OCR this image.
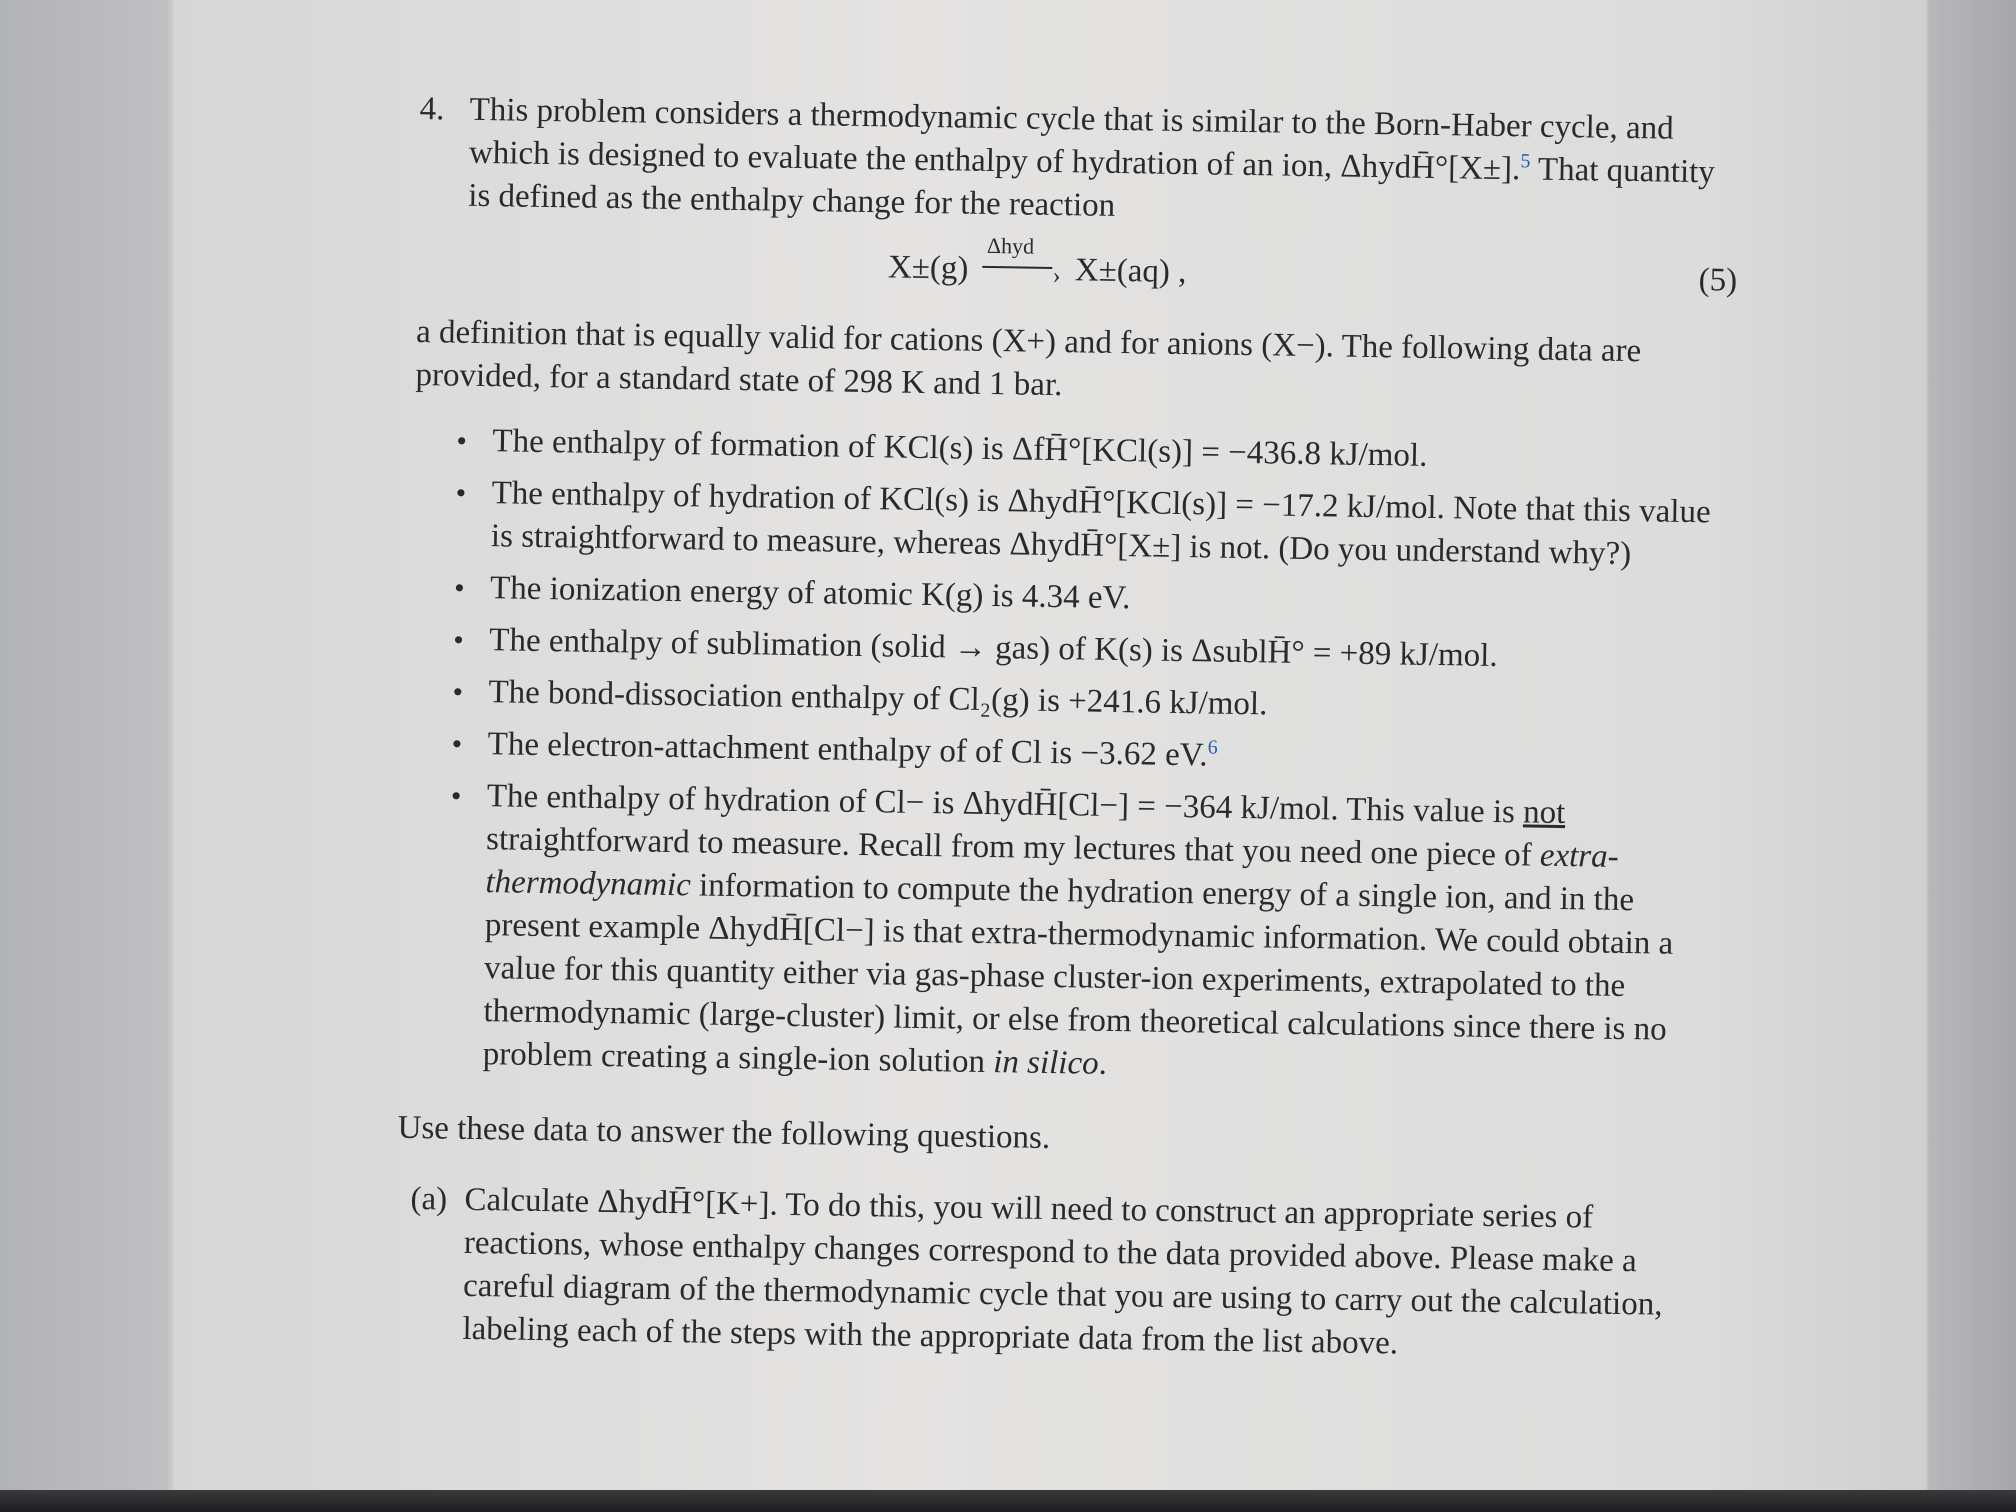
4. This problem considers a thermodynamic cycle that is similar to the Born-Haber cycle, and which is designed to evaluate the enthalpy of hydration of an ion, ΔhydH̄°[X±].$^5$ That quantity is defined as the enthalpy change for the reaction
X±(g)
Δhyd
› X±(aq) ,	(5)
a definition that is equally valid for cations (X+) and for anions (X−). The following data are provided, for a standard state of 298 K and 1 bar.
• The enthalpy of formation of KCl(s) is ΔfH̄°[KCl(s)] = −436.8 kJ/mol.
• The enthalpy of hydration of KCl(s) is ΔhydH̄°[KCl(s)] = −17.2 kJ/mol. Note that this value is straightforward to measure, whereas ΔhydH̄°[X±] is not. (Do you understand why?)
• The ionization energy of atomic K(g) is 4.34 eV.
• The enthalpy of sublimation (solid → gas) of K(s) is ΔsublH̄° = +89 kJ/mol.
• The bond-dissociation enthalpy of Cl₂(g) is +241.6 kJ/mol.
• The electron-attachment enthalpy of of Cl is −3.62 eV.$^6$
• The enthalpy of hydration of Cl− is ΔhydH̄[Cl−] = −364 kJ/mol. This value is not straightforward to measure. Recall from my lectures that you need one piece of extra-thermodynamic information to compute the hydration energy of a single ion, and in the present example ΔhydH̄[Cl−] is that extra-thermodynamic information. We could obtain a value for this quantity either via gas-phase cluster-ion experiments, extrapolated to the thermodynamic (large-cluster) limit, or else from theoretical calculations since there is no problem creating a single-ion solution in silico.
Use these data to answer the following questions.
(a) Calculate ΔhydH̄°[K+]. To do this, you will need to construct an appropriate series of reactions, whose enthalpy changes correspond to the data provided above. Please make a careful diagram of the thermodynamic cycle that you are using to carry out the calculation, labeling each of the steps with the appropriate data from the list above.
